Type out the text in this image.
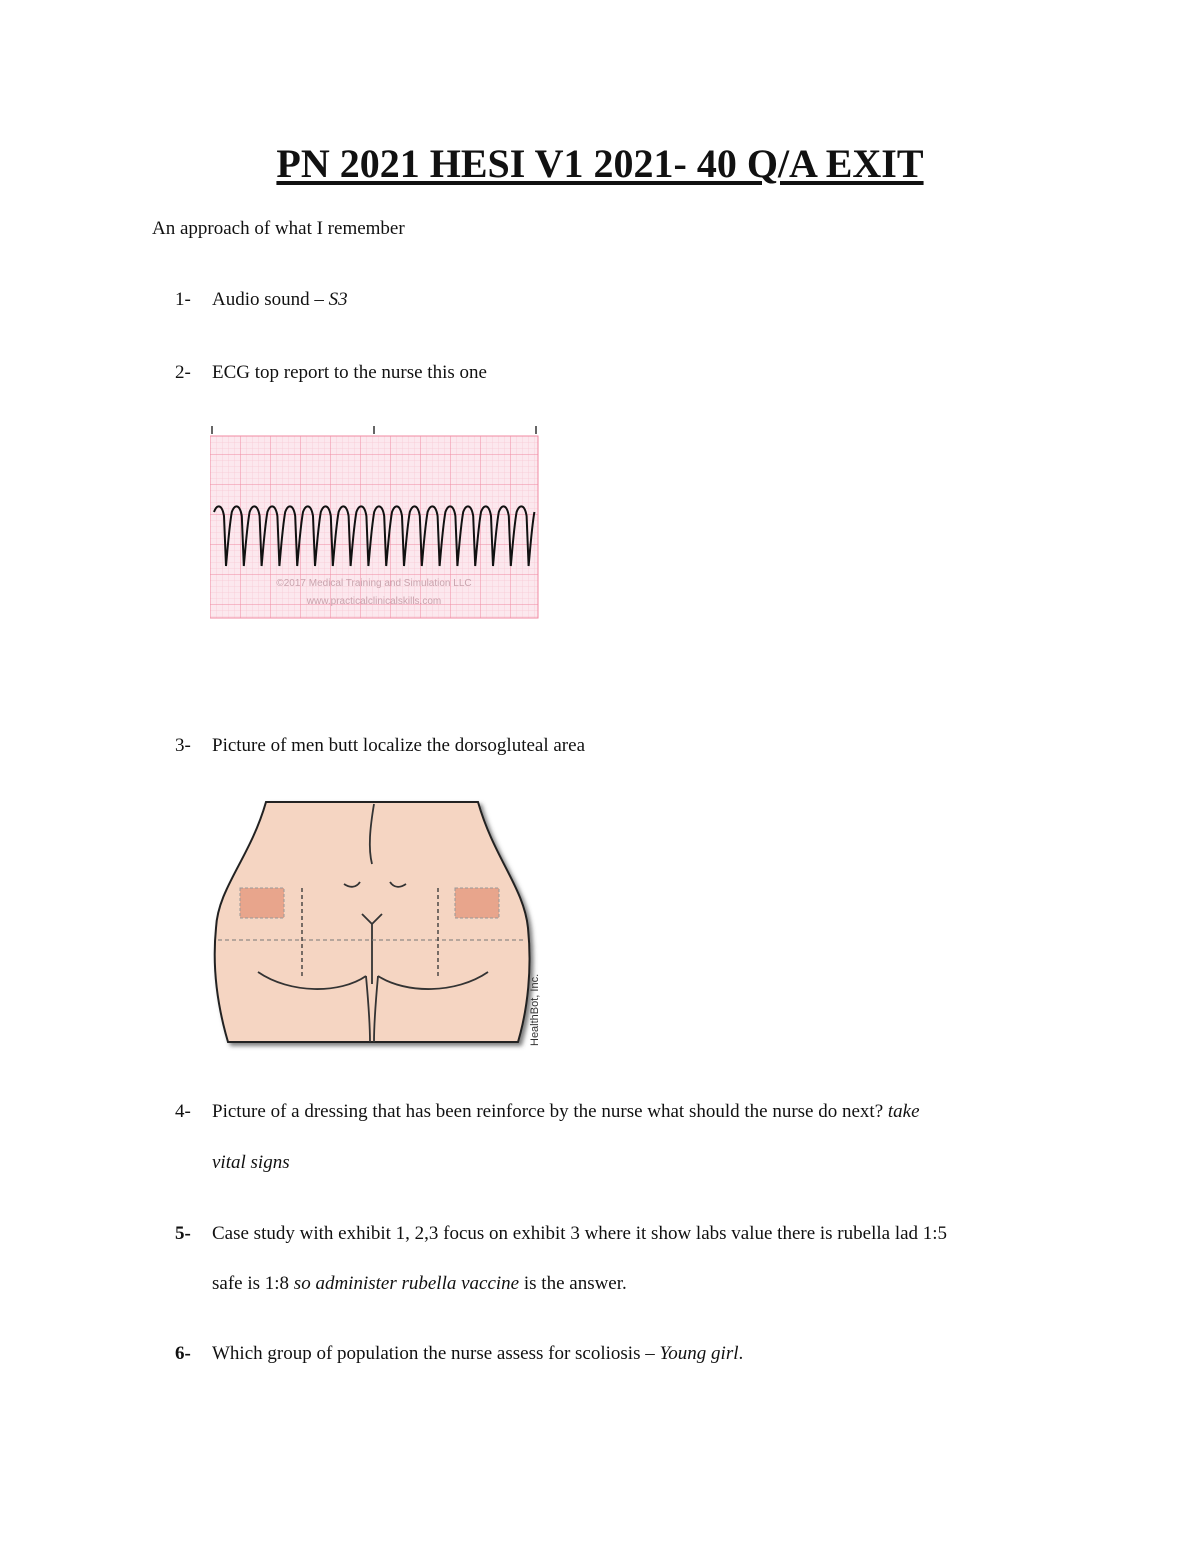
PN 2021 HESI V1 2021- 40 Q/A EXIT
An approach of what I remember
1-	Audio sound – S3
2-	ECG top report to the nurse this one
©2017 Medical Training and Simulation LLC
www.practicalclinicalskills.com
3-	Picture of men butt localize the dorsogluteal area
HealthBot, Inc.
4-	Picture of a dressing that has been reinforce by the nurse what should the nurse do next? take
vital signs
5-	Case study with exhibit 1, 2,3 focus on exhibit 3 where it show labs value there is rubella lad 1:5
safe is 1:8 so administer rubella vaccine is the answer.
6-	Which group of population the nurse assess for scoliosis – Young girl.
